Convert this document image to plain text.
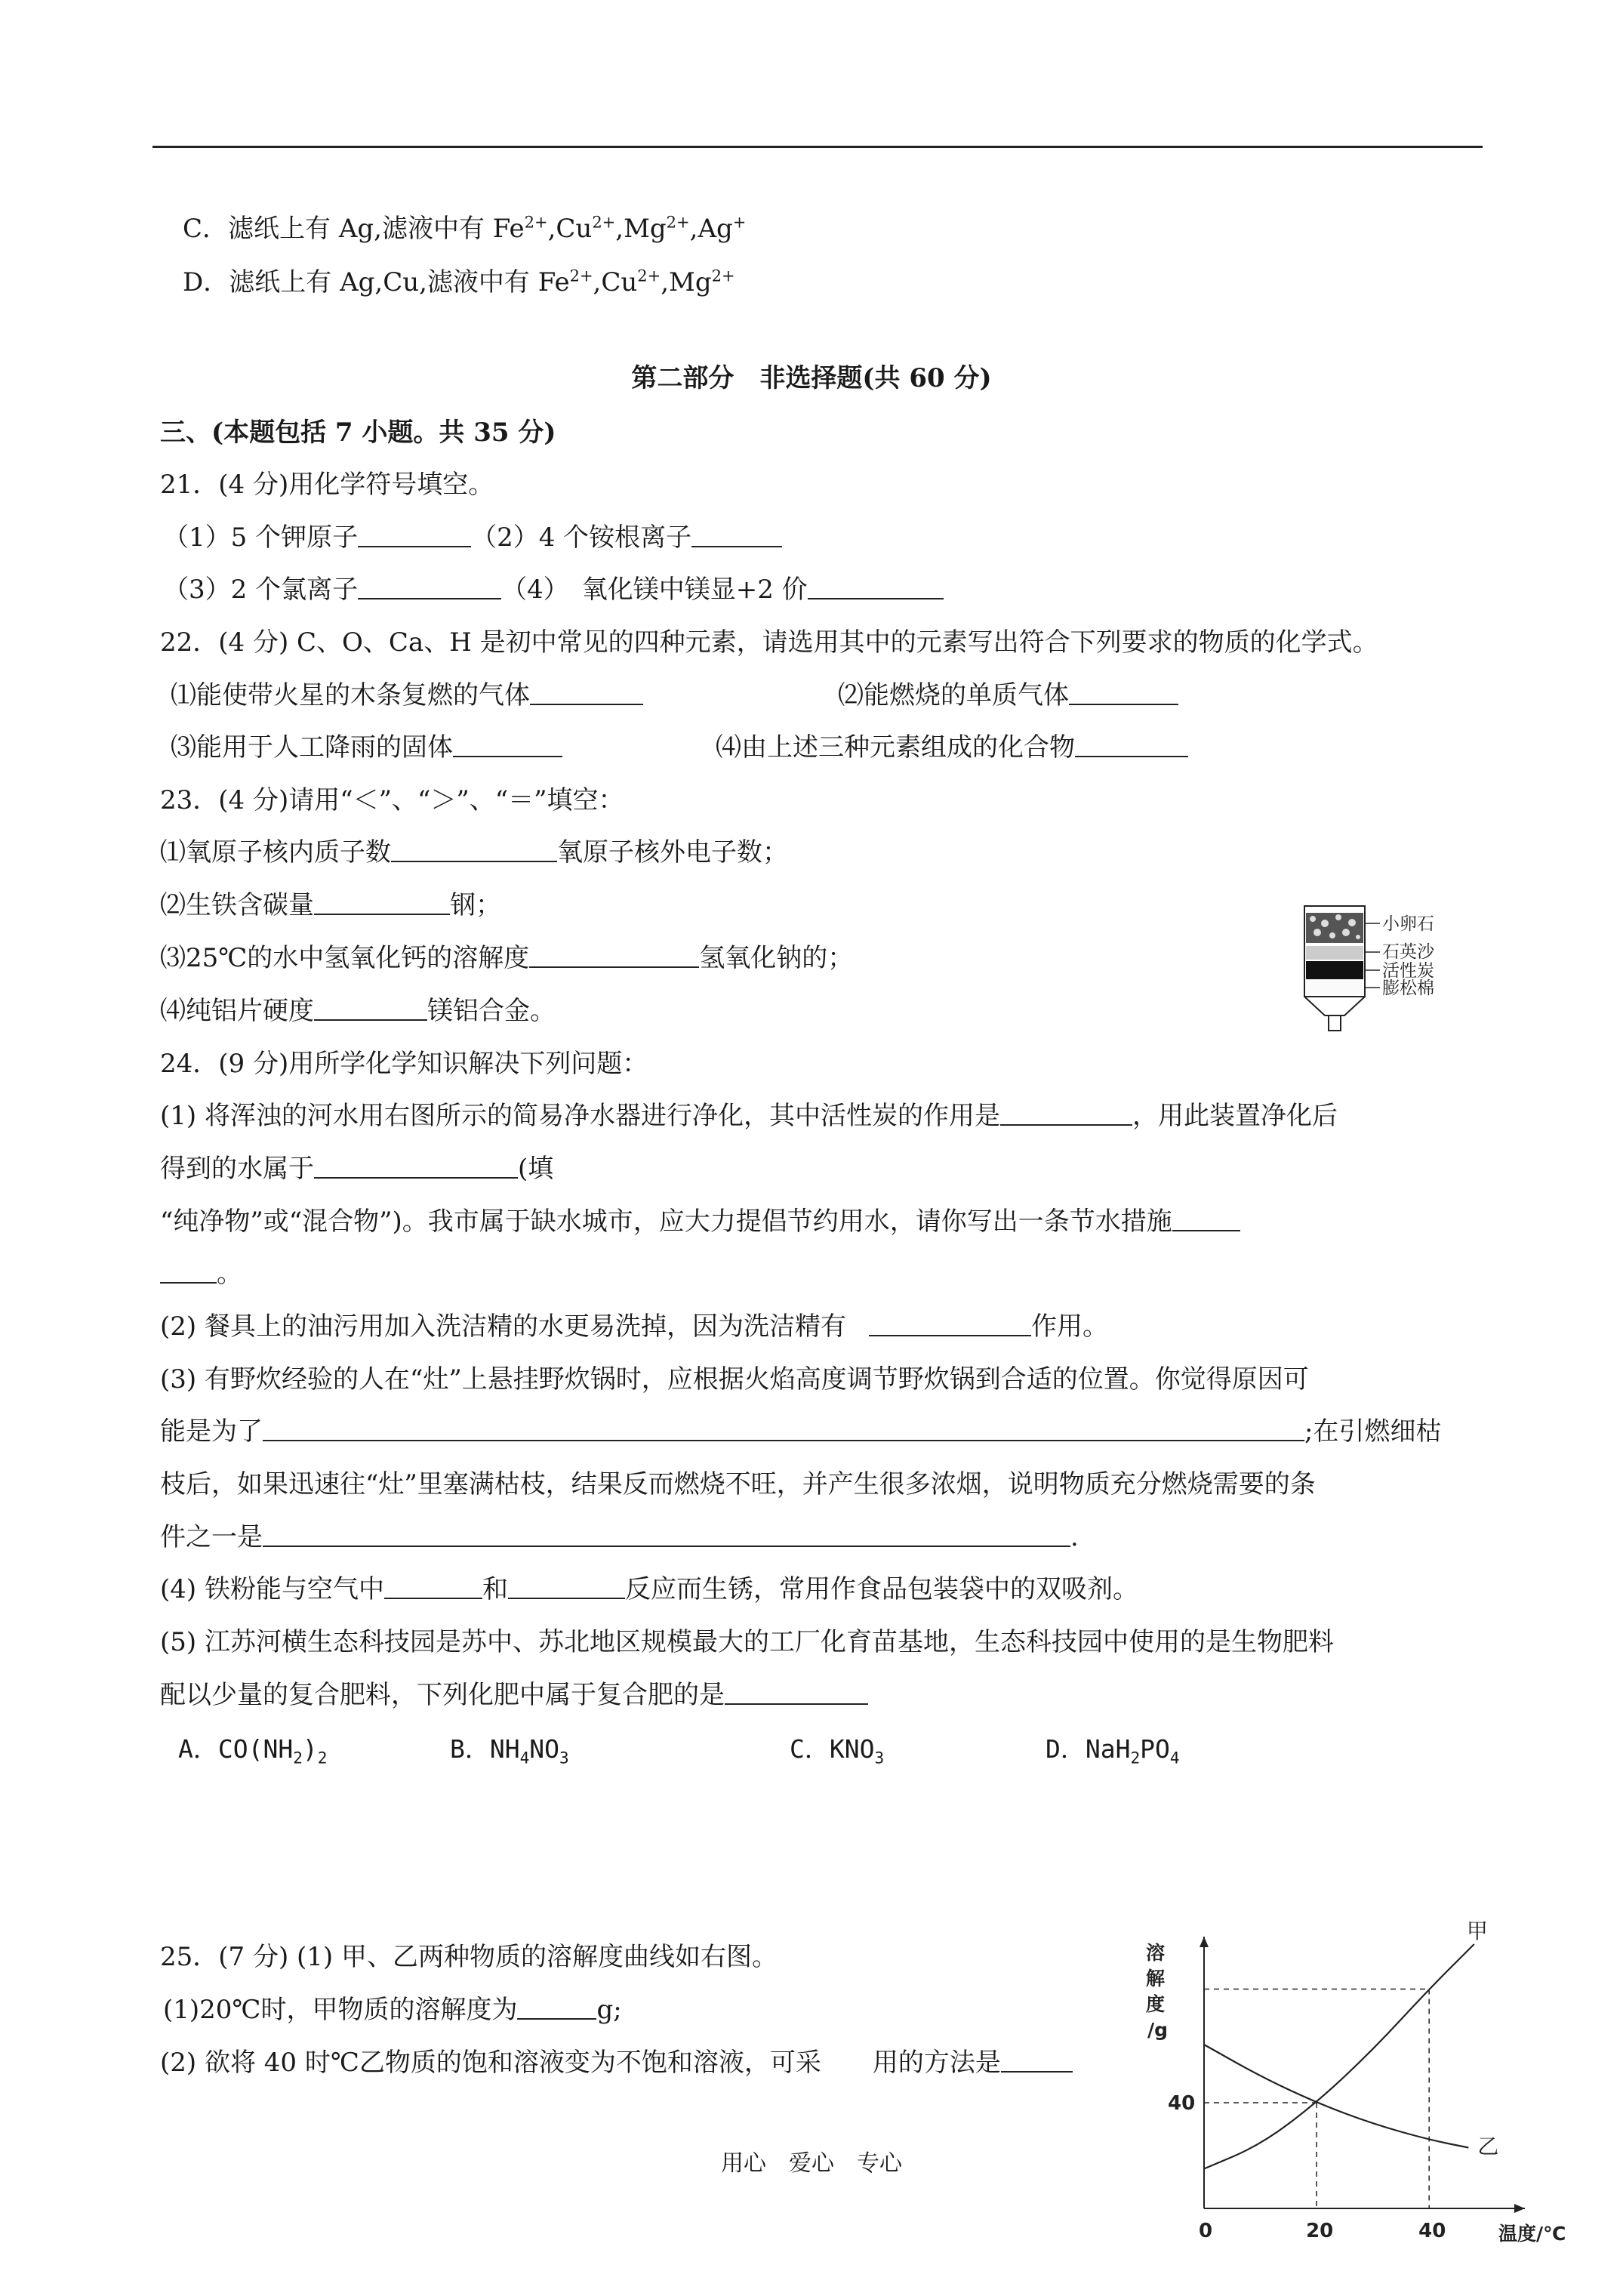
C．滤纸上有 Ag,滤液中有 $Fe^{2+},Cu^{2+},Mg^{2+},Ag^+$
D．滤纸上有 Ag,Cu,滤液中有 $Fe^{2+},Cu^{2+},Mg^{2+}$
第二部分　非选择题(共 60 分)
三、(本题包括 7 小题。共 35 分)
21．(4 分)用化学符号填空。
（1）5 个钾原子	（2）4 个铵根离子
（3）2 个氯离子	（4）　氧化镁中镁显+2 价
22．(4 分) C、O、Ca、H 是初中常见的四种元素，请选用其中的元素写出符合下列要求的物质的化学式。
⑴能使带火星的木条复燃的气体	⑵能燃烧的单质气体
⑶能用于人工降雨的固体	⑷由上述三种元素组成的化合物
23．(4 分)请用“＜”、“＞”、“＝”填空：
⑴氧原子核内质子数	氧原子核外电子数；
⑵生铁含碳量	钢；
⑶25℃的水中氢氧化钙的溶解度	氢氧化钠的；
⑷纯铝片硬度	镁铝合金。
小卵石
石英沙
活性炭
膨松棉
24．(9 分)用所学化学知识解决下列问题：
(1) 将浑浊的河水用右图所示的简易净水器进行净化，其中活性炭的作用是	，用此装置净化后
得到的水属于	(填
“纯净物”或“混合物”)。我市属于缺水城市，应大力提倡节约用水，请你写出一条节水措施
。
(2) 餐具上的油污用加入洗洁精的水更易洗掉，因为洗洁精有	作用。
(3) 有野炊经验的人在“灶”上悬挂野炊锅时，应根据火焰高度调节野炊锅到合适的位置。你觉得原因可
能是为了	;在引燃细枯
枝后，如果迅速往“灶”里塞满枯枝，结果反而燃烧不旺，并产生很多浓烟，说明物质充分燃烧需要的条
件之一是	.
(4) 铁粉能与空气中	和	反应而生锈，常用作食品包装袋中的双吸剂。
(5) 江苏河横生态科技园是苏中、苏北地区规模最大的工厂化育苗基地，生态科技园中使用的是生物肥料
配以少量的复合肥料，下列化肥中属于复合肥的是
A．$CO(NH_2)_2$	B．$NH_4NO_3$	C．$KNO_3$	D．$NaH_2PO_4$
25．(7 分) (1) 甲、乙两种物质的溶解度曲线如右图。
(1)20℃时，甲物质的溶解度为	g;
(2) 欲将 40 时℃乙物质的饱和溶液变为不饱和溶液，可采　　用的方法是
溶
解
度
/g
温度/℃
0	20	40
40
甲
乙
用心　爱心　专心
